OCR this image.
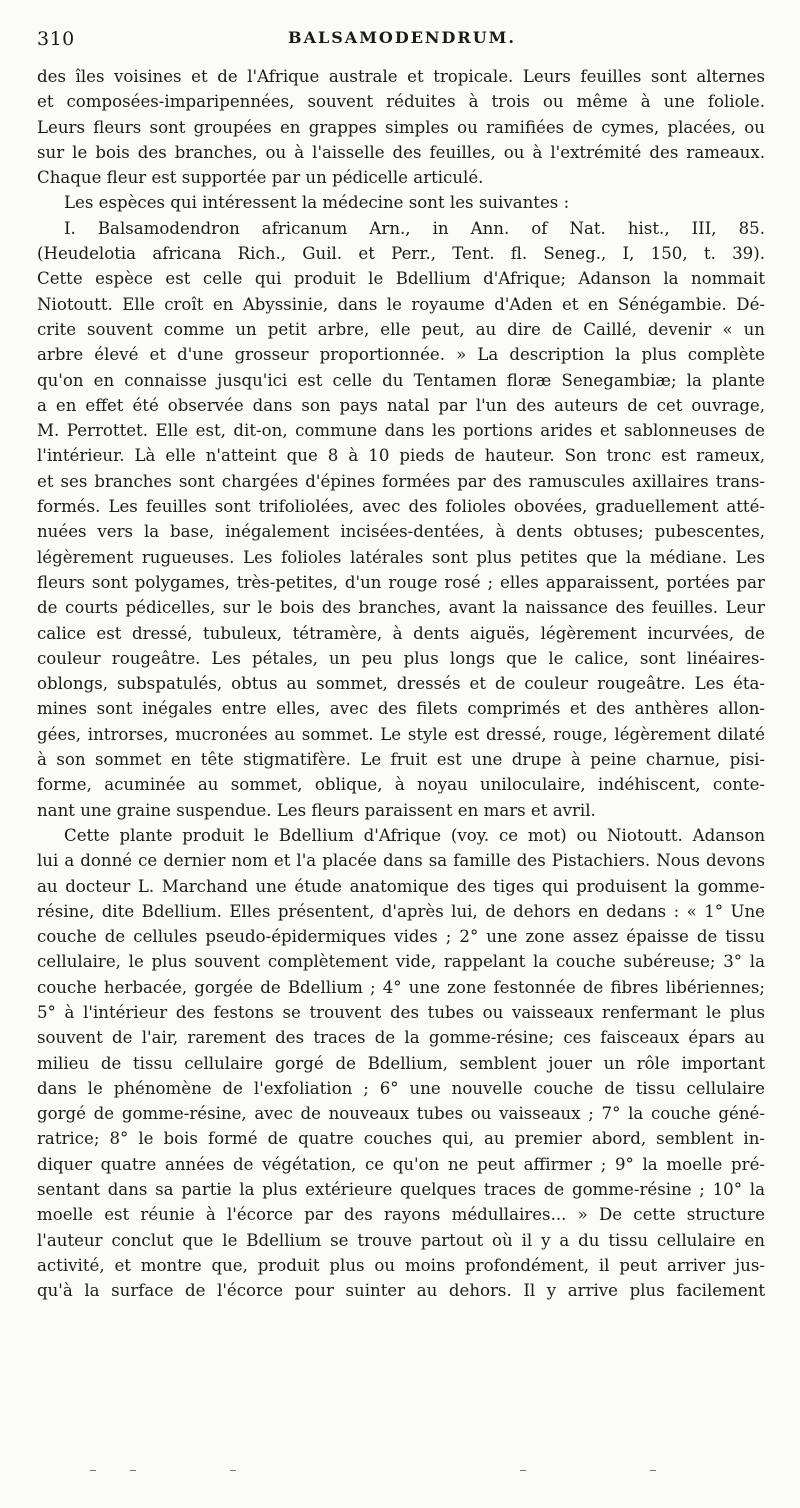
310	BALSAMODENDRUM.
des îles voisines et de l'Afrique australe et tropicale. Leurs feuilles sont alternes
et composées-imparipennées, souvent réduites à trois ou même à une foliole.
Leurs fleurs sont groupées en grappes simples ou ramifiées de cymes, placées, ou
sur le bois des branches, ou à l'aisselle des feuilles, ou à l'extrémité des rameaux.
Chaque fleur est supportée par un pédicelle articulé.
Les espèces qui intéressent la médecine sont les suivantes :
I. Balsamodendron africanum Arn., in Ann. of Nat. hist., III, 85.
(Heudelotia africana Rich., Guil. et Perr., Tent. fl. Seneg., I, 150, t. 39).
Cette espèce est celle qui produit le Bdellium d'Afrique; Adanson la nommait
Niotoutt. Elle croît en Abyssinie, dans le royaume d'Aden et en Sénégambie. Dé-
crite souvent comme un petit arbre, elle peut, au dire de Caillé, devenir « un
arbre élevé et d'une grosseur proportionnée. » La description la plus complète
qu'on en connaisse jusqu'ici est celle du Tentamen floræ Senegambiæ; la plante
a en effet été observée dans son pays natal par l'un des auteurs de cet ouvrage,
M. Perrottet. Elle est, dit-on, commune dans les portions arides et sablonneuses de
l'intérieur. Là elle n'atteint que 8 à 10 pieds de hauteur. Son tronc est rameux,
et ses branches sont chargées d'épines formées par des ramuscules axillaires trans-
formés. Les feuilles sont trifoliolées, avec des folioles obovées, graduellement atté-
nuées vers la base, inégalement incisées-dentées, à dents obtuses; pubescentes,
légèrement rugueuses. Les folioles latérales sont plus petites que la médiane. Les
fleurs sont polygames, très-petites, d'un rouge rosé ; elles apparaissent, portées par
de courts pédicelles, sur le bois des branches, avant la naissance des feuilles. Leur
calice est dressé, tubuleux, tétramère, à dents aiguës, légèrement incurvées, de
couleur rougeâtre. Les pétales, un peu plus longs que le calice, sont linéaires-
oblongs, subspatulés, obtus au sommet, dressés et de couleur rougeâtre. Les éta-
mines sont inégales entre elles, avec des filets comprimés et des anthères allon-
gées, introrses, mucronées au sommet. Le style est dressé, rouge, légèrement dilaté
à son sommet en tête stigmatifère. Le fruit est une drupe à peine charnue, pisi-
forme, acuminée au sommet, oblique, à noyau uniloculaire, indéhiscent, conte-
nant une graine suspendue. Les fleurs paraissent en mars et avril.
Cette plante produit le Bdellium d'Afrique (voy. ce mot) ou Niotoutt. Adanson
lui a donné ce dernier nom et l'a placée dans sa famille des Pistachiers. Nous devons
au docteur L. Marchand une étude anatomique des tiges qui produisent la gomme-
résine, dite Bdellium. Elles présentent, d'après lui, de dehors en dedans : « 1° Une
couche de cellules pseudo-épidermiques vides ; 2° une zone assez épaisse de tissu
cellulaire, le plus souvent complètement vide, rappelant la couche subéreuse; 3° la
couche herbacée, gorgée de Bdellium ; 4° une zone festonnée de fibres libériennes;
5° à l'intérieur des festons se trouvent des tubes ou vaisseaux renfermant le plus
souvent de l'air, rarement des traces de la gomme-résine; ces faisceaux épars au
milieu de tissu cellulaire gorgé de Bdellium, semblent jouer un rôle important
dans le phénomène de l'exfoliation ; 6° une nouvelle couche de tissu cellulaire
gorgé de gomme-résine, avec de nouveaux tubes ou vaisseaux ; 7° la couche géné-
ratrice; 8° le bois formé de quatre couches qui, au premier abord, semblent in-
diquer quatre années de végétation, ce qu'on ne peut affirmer ; 9° la moelle pré-
sentant dans sa partie la plus extérieure quelques traces de gomme-résine ; 10° la
moelle est réunie à l'écorce par des rayons médullaires... » De cette structure
l'auteur conclut que le Bdellium se trouve partout où il y a du tissu cellulaire en
activité, et montre que, produit plus ou moins profondément, il peut arriver jus-
qu'à la surface de l'écorce pour suinter au dehors. Il y arrive plus facilement
